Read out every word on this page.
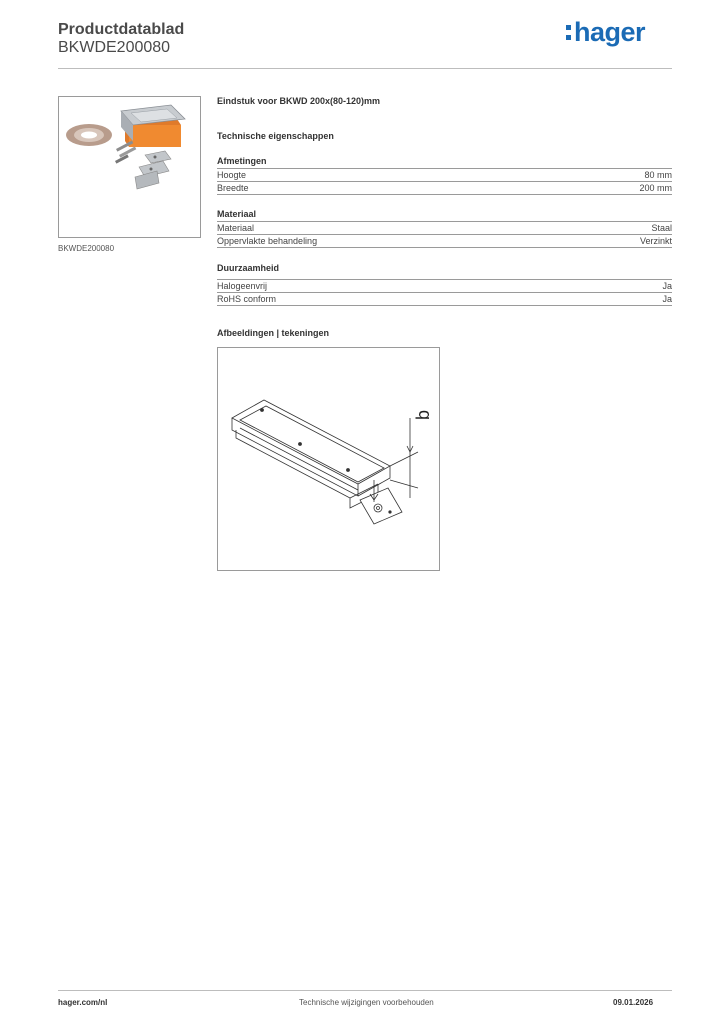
Productdatablad
BKWDE200080
hager
BKWDE200080
Eindstuk voor BKWD 200x(80-120)mm
Technische eigenschappen
Afmetingen
Hoogte	80 mm
Breedte	200 mm
Materiaal
Materiaal	Staal
Oppervlakte behandeling	Verzinkt
Duurzaamheid
Halogeenvrij	Ja
RoHS conform	Ja
Afbeeldingen | tekeningen
b
hager.com/nl	Technische wijzigingen voorbehouden	09.01.2026
